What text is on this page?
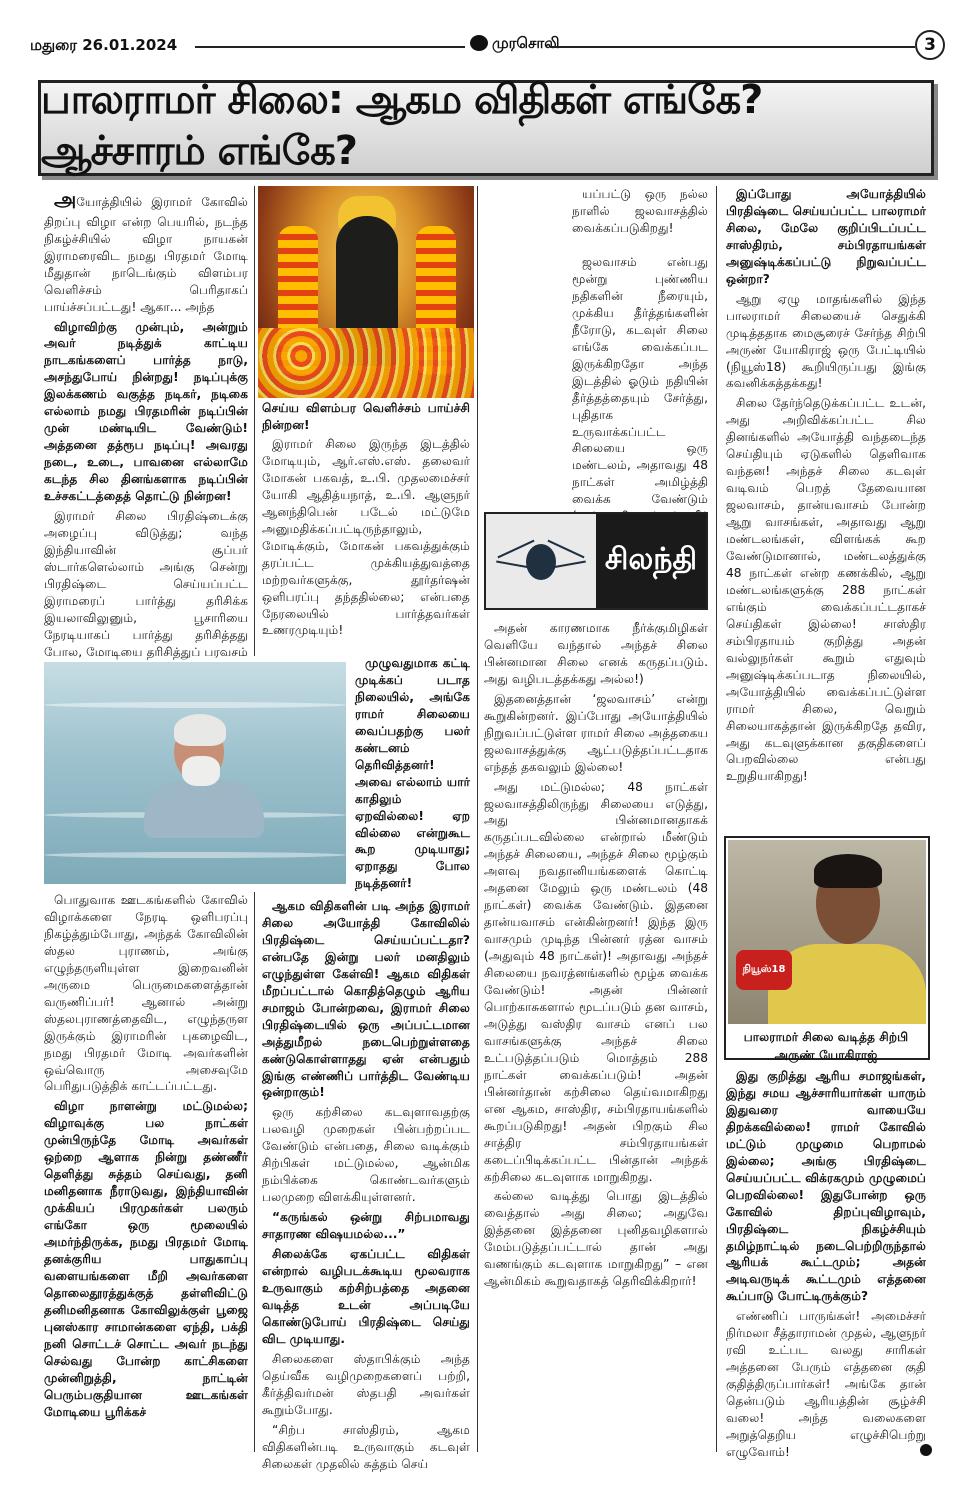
மதுரை 26.01.2024	முரசொலி	3
பாலராமர் சிலை: ஆகம விதிகள் எங்கே? ஆச்சாரம் எங்கே?

அயோத்தியில் இராமர் கோவில் திறப்பு விழா என்ற பெயரில், நடந்த நிகழ்ச்சியில் விழா நாயகன் இராமரைவிட நமது பிரதமர் மோடி மீதுதான் நாடெங்கும் விளம்பர வெளிச்சம் பெரிதாகப் பாய்ச்சப்பட்டது! ஆகா... அந்த

விழாவிற்கு முன்பும், அன்றும் அவர் நடித்துக் காட்டிய நாடகங்களைப் பார்த்த நாடு, அசந்துபோய் நின்றது! நடிப்புக்கு இலக்கணம் வகுத்த நடிகர், நடிகை எல்லாம் நமது பிரதமரின் நடிப்பின் முன் மண்டியிட வேண்டும்! அத்தனை தத்ரூப நடிப்பு! அவரது நடை, உடை, பாவனை எல்லாமே கடந்த சில தினங்களாக நடிப்பின் உச்சகட்டத்தைத் தொட்டு நின்றன!

இராமர் சிலை பிரதிஷ்டைக்கு அழைப்பு விடுத்து; வந்த இந்தியாவின் சூப்பர் ஸ்டார்களெல்லாம் அங்கு சென்று பிரதிஷ்டை செய்யப்பட்ட இராமரைப் பார்த்து தரிசிக்க இயலாவிலுனும், பூசாரியை நேரடியாகப் பார்த்து தரிசித்தது போல, மோடியை தரிசித்துப் பரவசம்

பொதுவாக ஊடகங்களில் கோவில் விழாக்களை நேரடி ஒளிபரப்பு நிகழ்த்தும்போது, அந்தக் கோவிலின் ஸ்தல புராணம், அங்கு எழுந்தருளியுள்ள இறைவனின் அருமை பெருமைகளைத்தான் வருணிப்பர்! ஆனால் அன்று ஸ்தலபுராணத்தைவிட, எழுந்தருள இருக்கும் இராமரின் புகழைவிட, நமது பிரதமர் மோடி அவர்களின் ஒவ்வொரு அசைவுமே பெரிதுபடுத்திக் காட்டப்பட்டது.

விழா நாளன்று மட்டுமல்ல; விழாவுக்கு பல நாட்கள் முன்பிருந்தே மோடி அவர்கள் ஒற்றை ஆளாக நின்று தண்ணீர் தெளித்து சுத்தம் செய்வது, தனி மனிதனாக நீராடுவது, இந்தியாவின் முக்கியப் பிரமுகர்கள் பலரும் எங்கோ ஒரு மூலையில் அமர்ந்திருக்க, நமது பிரதமர் மோடி தனக்குரிய பாதுகாப்பு வளையங்களை மீறி அவர்களை தொலைதூரத்துக்குத் தள்ளிவிட்டு தனிமனிதனாக கோவிலுக்குள் பூஜை புனஸ்கார சாமான்களை ஏந்தி, பக்தி நனி சொட்டச் சொட்ட அவர் நடந்து செல்வது போன்ற காட்சிகளை முன்னிறுத்தி, நாட்டின் பெரும்பகுதியான ஊடகங்கள் மோடியை பூரிக்கச்

செய்ய விளம்பர வெளிச்சம் பாய்ச்சி நின்றன!

இராமர் சிலை இருந்த இடத்தில் மோடியும், ஆர்.எஸ்.எஸ். தலைவர் மோகன் பகவத், உ.பி. முதலமைச்சர் யோகி ஆதித்யநாத், உ.பி. ஆளுநர் ஆனந்திபென் படேல் மட்டுமே அனுமதிக்கப்பட்டிருந்தாலும், மோடிக்கும், மோகன் பகவத்துக்கும் தரப்பட்ட முக்கியத்துவத்தை மற்றவர்களுக்கு, தூர்தர்ஷன் ஒளிபரப்பு தந்ததில்லை; என்பதை நேரலையில் பார்த்தவர்கள் உணரமுடியும்!

முழுவதுமாக கட்டி முடிக்கப் படாத நிலையில், அங்கே ராமர் சிலையை வைப்பதற்கு பலர் கண்டனம் தெரிவித்தனர்! அவை எல்லாம் யார் காதிலும் ஏறவில்லை! ஏற வில்லை என்றுகூட கூற முடியாது; ஏறாதது போல நடித்தனர்!

ஆகம விதிகளின் படி அந்த இராமர் சிலை அயோத்தி கோவிலில் பிரதிஷ்டை செய்யப்பட்டதா? என்பதே இன்று பலர் மனதிலும் எழுந்துள்ள கேள்வி! ஆகம விதிகள் மீறப்பட்டால் கொதித்தெழும் ஆரிய சமாஜம் போன்றவை, இராமர் சிலை பிரதிஷ்டையில் ஒரு அப்பட்டமான அத்துமீறல் நடைபெற்றுள்ளதை கண்டுகொள்ளாதது ஏன் என்பதும் இங்கு எண்ணிப் பார்த்திட வேண்டிய ஒன்றாகும்!

ஒரு கற்சிலை கடவுளாவதற்கு பலவழி முறைகள் பின்பற்றப்பட வேண்டும் என்பதை, சிலை வடிக்கும் சிற்பிகள் மட்டுமல்ல, ஆன்மிக நம்பிக்கை கொண்டவர்களும் பலமுறை விளக்கியுள்ளனர்.

“கருங்கல் ஒன்று சிற்பமாவது சாதாரண விஷயமல்ல...”

சிலைக்கே ஏகப்பட்ட விதிகள் என்றால் வழிபடக்கூடிய மூலவராக உருவாகும் கற்சிற்பத்தை அதனை வடித்த உடன் அப்படியே கொண்டுபோய் பிரதிஷ்டை செய்து விட முடியாது.

சிலைகளை ஸ்தாபிக்கும் அந்த தெய்வீக வழிமுறைகளைப் பற்றி, கீர்த்திவர்மன் ஸ்தபதி அவர்கள் கூறும்போது.

“சிற்ப சாஸ்திரம், ஆகம விதிகளின்படி உருவாகும் கடவுள் சிலைகள் முதலில் சுத்தம் செய்

யப்பட்டு ஒரு நல்ல நாளில் ஜலவாசத்தில் வைக்கப்படுகிறது!

ஜலவாசம் என்பது மூன்று புண்ணிய நதிகளின் நீரையும், முக்கிய தீர்த்தங்களின் நீரோடு, கடவுள் சிலை எங்கே வைக்கப்பட இருக்கிறதோ அந்த இடத்தில் ஓடும் நதியின் தீர்த்தத்தையும் சேர்த்து, புதிதாக உருவாக்கப்பட்ட சிலையை ஒரு மண்டலம், அதாவது 48 நாட்கள் அமிழ்த்தி வைக்க வேண்டும்

சிலந்தி

அதன் காரணமாக நீர்க்குமிழிகள் வெளியே வந்தால் அந்தச் சிலை பின்னமான சிலை எனக் கருதப்படும். அது வழிபடத்தக்கது அல்ல!)

இதனைத்தான் ‘ஜலவாசம்’ என்று கூறுகின்றனர். இப்போது அயோத்தியில் நிறுவப்பட்டுள்ள ராமர் சிலை அத்தகைய ஜலவாசத்துக்கு ஆட்படுத்தப்பட்டதாக எந்தத் தகவலும் இல்லை!

அது மட்டுமல்ல; 48 நாட்கள் ஜலவாசத்திலிருந்து சிலையை எடுத்து, அது பின்னமானதாகக் கருதப்படவில்லை என்றால் மீண்டும் அந்தச் சிலையை, அந்தச் சிலை மூழ்கும் அளவு நவதானியங்களைக் கொட்டி அதனை மேலும் ஒரு மண்டலம் (48 நாட்கள்) வைக்க வேண்டும். இதனை தான்யவாசம் என்கின்றனர்! இந்த இரு வாசமும் முடிந்த பின்னர் ரத்ன வாசம் (அதுவும் 48 நாட்கள்)! அதாவது அந்தச் சிலையை நவரத்னங்களில் மூழ்க வைக்க வேண்டும்! அதன் பின்னர் பொற்காசுகளால் மூடப்படும் தன வாசம், அடுத்து வஸ்திர வாசம் எனப் பல வாசங்களுக்கு அந்தச் சிலை உட்படுத்தப்படும் மொத்தம் 288 நாட்கள் வைக்கப்படும்! அதன் பின்னர்தான் கற்சிலை தெய்வமாகிறது என ஆகம, சாஸ்திர, சம்பிரதாயங்களில் கூறப்படுகிறது! அதன் பிறகும் சில சாத்திர சம்பிரதாயங்கள் கடைப்பிடிக்கப்பட்ட பின்தான் அந்தக் கற்சிலை கடவுளாக மாறுகிறது.

கல்லை வடித்து பொது இடத்தில் வைத்தால் அது சிலை; அதுவே இத்தனை இத்தனை புனிதவழிகளால் மேம்படுத்தப்பட்டால் தான் அது வணங்கும் கடவுளாக மாறுகிறது” – என ஆன்மிகம் கூறுவதாகத் தெரிவிக்கிறார்!

இப்போது அயோத்தியில் பிரதிஷ்டை செய்யப்பட்ட பாலராமர் சிலை, மேலே குறிப்பிடப்பட்ட சாஸ்திரம், சம்பிரதாயங்கள் அனுஷ்டிக்கப்பட்டு நிறுவப்பட்ட ஒன்றா?

ஆறு ஏழு மாதங்களில் இந்த பாலராமர் சிலையைச் செதுக்கி முடித்ததாக மைசூரைச் சேர்ந்த சிற்பி அருண் யோகிராஜ் ஒரு பேட்டியில் (நியூஸ்18) கூறியிருப்பது இங்கு கவனிக்கத்தக்கது!

சிலை தேர்ந்தெடுக்கப்பட்ட உடன், அது அறிவிக்கப்பட்ட சில தினங்களில் அயோத்தி வந்தடைந்த செய்தியும் ஏடுகளில் தெளிவாக வந்தன! அந்தச் சிலை கடவுள் வடிவம் பெறத் தேவையான ஜலவாசம், தான்யவாசம் போன்ற ஆறு வாசங்கள், அதாவது ஆறு மண்டலங்கள், விளங்கக் கூற வேண்டுமானால், மண்டலத்துக்கு 48 நாட்கள் என்ற கணக்கில், ஆறு மண்டலங்களுக்கு 288 நாட்கள் எங்கும் வைக்கப்பட்டதாகச் செய்திகள் இல்லை! சாஸ்திர சம்பிரதாயம் குறித்து அதன் வல்லுநர்கள் கூறும் எதுவும் அனுஷ்டிக்கப்படாத நிலையில், அயோத்தியில் வைக்கப்பட்டுள்ள ராமர் சிலை, வெறும் சிலையாகத்தான் இருக்கிறதே தவிர, அது கடவுளுக்கான தகுதிகளைப் பெறவில்லை என்பது உறுதியாகிறது!

நியூஸ்18
பாலராமர் சிலை வடித்த சிற்பி அருண் யோகிராஜ்

இது குறித்து ஆரிய சமாஜங்கள், இந்து சமய ஆச்சாரியார்கள் யாரும் இதுவரை வாயையே திறக்கவில்லை! ராமர் கோவில் மட்டும் முழுமை பெறாமல் இல்லை; அங்கு பிரதிஷ்டை செய்யப்பட்ட விக்ரகமும் முழுமைப் பெறவில்லை! இதுபோன்ற ஒரு கோவில் திறப்புவிழாவும், பிரதிஷ்டை நிகழ்ச்சியும் தமிழ்நாட்டில் நடைபெற்றிருந்தால் ஆரியக் கூட்டமும்; அதன் அடிவருடிக் கூட்டமும் எத்தனை கூப்பாடு போட்டிருக்கும்?

எண்ணிப் பாருங்கள்! அமைச்சர் நிர்மலா சீத்தாராமன் முதல், ஆளுநர் ரவி உட்பட வலது சாரிகள் அத்தனை பேரும் எத்தனை குதி குதித்திருப்பார்கள்! அங்கே தான் தென்படும் ஆரியத்தின் சூழ்ச்சி வலை! அந்த வலைகளை அறுத்தெறிய எழுச்சிபெற்று எழுவோம்!
